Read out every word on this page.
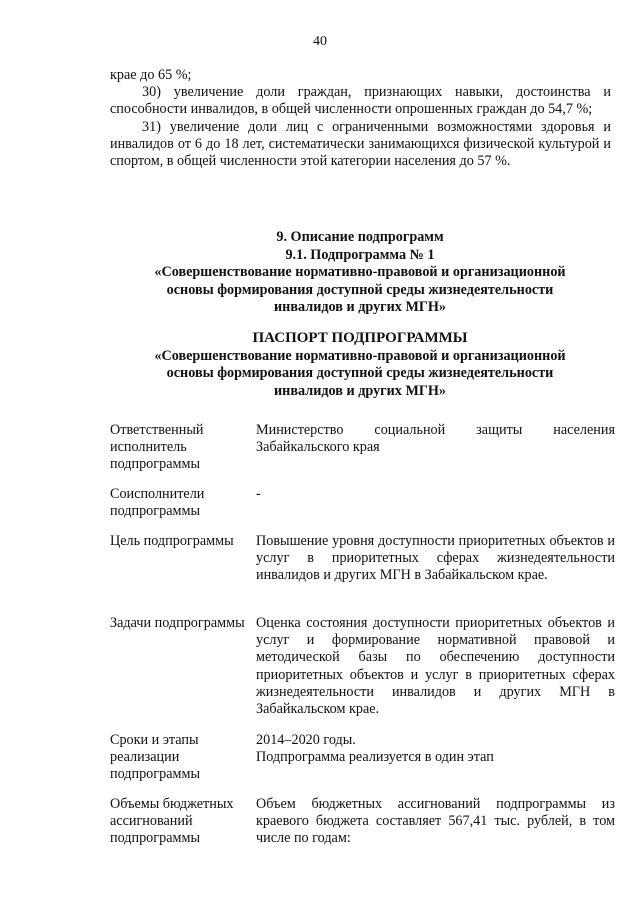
40

крае до 65 %;

30) увеличение доли граждан, признающих навыки, достоинства и способности инвалидов, в общей численности опрошенных граждан до 54,7 %;

31) увеличение доли лиц с ограниченными возможностями здоровья и инвалидов от 6 до 18 лет, систематически занимающихся физической культурой и спортом, в общей численности этой категории населения до 57 %.

9. Описание подпрограмм
9.1. Подпрограмма № 1
«Совершенствование нормативно-правовой и организационной
основы формирования доступной среды жизнедеятельности
инвалидов и других МГН»
ПАСПОРТ ПОДПРОГРАММЫ
«Совершенствование нормативно-правовой и организационной
основы формирования доступной среды жизнедеятельности
инвалидов и других МГН»
Ответственный исполнитель подпрограммы
Министерство социальной защиты населения Забайкальского края
Соисполнители подпрограммы
-
Цель подпрограммы	Повышение уровня доступности приоритетных объектов и услуг в приоритетных сферах жизнедеятельности инвалидов и других МГН в Забайкальском крае.
Задачи подпрограммы Оценка состояния доступности приоритетных объектов и услуг и формирование нормативной правовой и методической базы по обеспечению доступности приоритетных объектов и услуг в приоритетных сферах жизнедеятельности инвалидов и других МГН в Забайкальском крае.
Сроки и этапы реализации подпрограммы
2014–2020 годы.
Подпрограмма реализуется в один этап
Объемы бюджетных ассигнований подпрограммы
Объем бюджетных ассигнований подпрограммы из краевого бюджета составляет 567,41 тыс. рублей, в том числе по годам:
